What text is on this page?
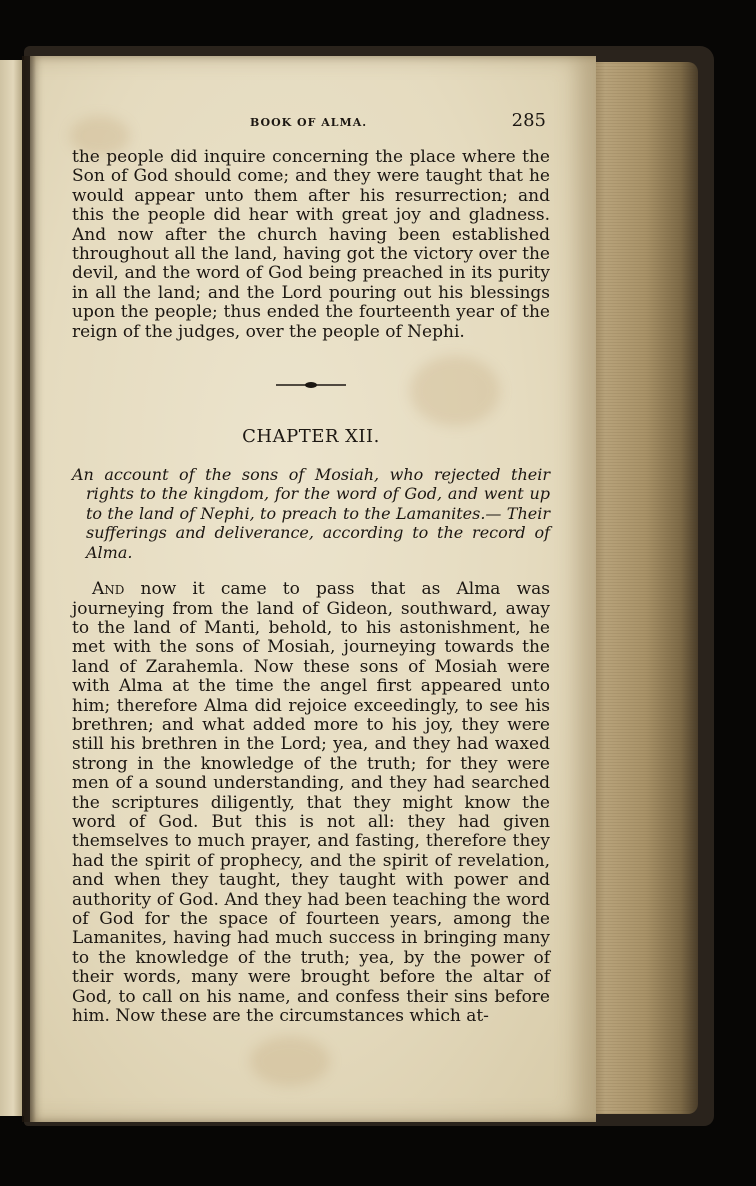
BOOK OF ALMA.	285

the people did inquire concerning the place where the Son of God should come; and they were taught that he would appear unto them after his resurrection; and this the people did hear with great joy and gladness. And now after the church having been established throughout all the land, having got the victory over the devil, and the word of God being preached in its purity in all the land; and the Lord pouring out his blessings upon the people; thus ended the fourteenth year of the reign of the judges, over the people of Nephi.

CHAPTER XII.

An account of the sons of Mosiah, who rejected their rights to the kingdom, for the word of God, and went up to the land of Nephi, to preach to the Lamanites.— Their sufferings and deliverance, according to the record of Alma.

And now it came to pass that as Alma was journeying from the land of Gideon, southward, away to the land of Manti, behold, to his astonishment, he met with the sons of Mosiah, journeying towards the land of Zarahemla. Now these sons of Mosiah were with Alma at the time the angel first appeared unto him; therefore Alma did rejoice exceedingly, to see his brethren; and what added more to his joy, they were still his brethren in the Lord; yea, and they had waxed strong in the knowledge of the truth; for they were men of a sound understanding, and they had searched the scriptures diligently, that they might know the word of God. But this is not all: they had given themselves to much prayer, and fasting, therefore they had the spirit of prophecy, and the spirit of revelation, and when they taught, they taught with power and authority of God. And they had been teaching the word of God for the space of fourteen years, among the Lamanites, having had much success in bringing many to the knowledge of the truth; yea, by the power of their words, many were brought before the altar of God, to call on his name, and confess their sins before him. Now these are the circumstances which at-
